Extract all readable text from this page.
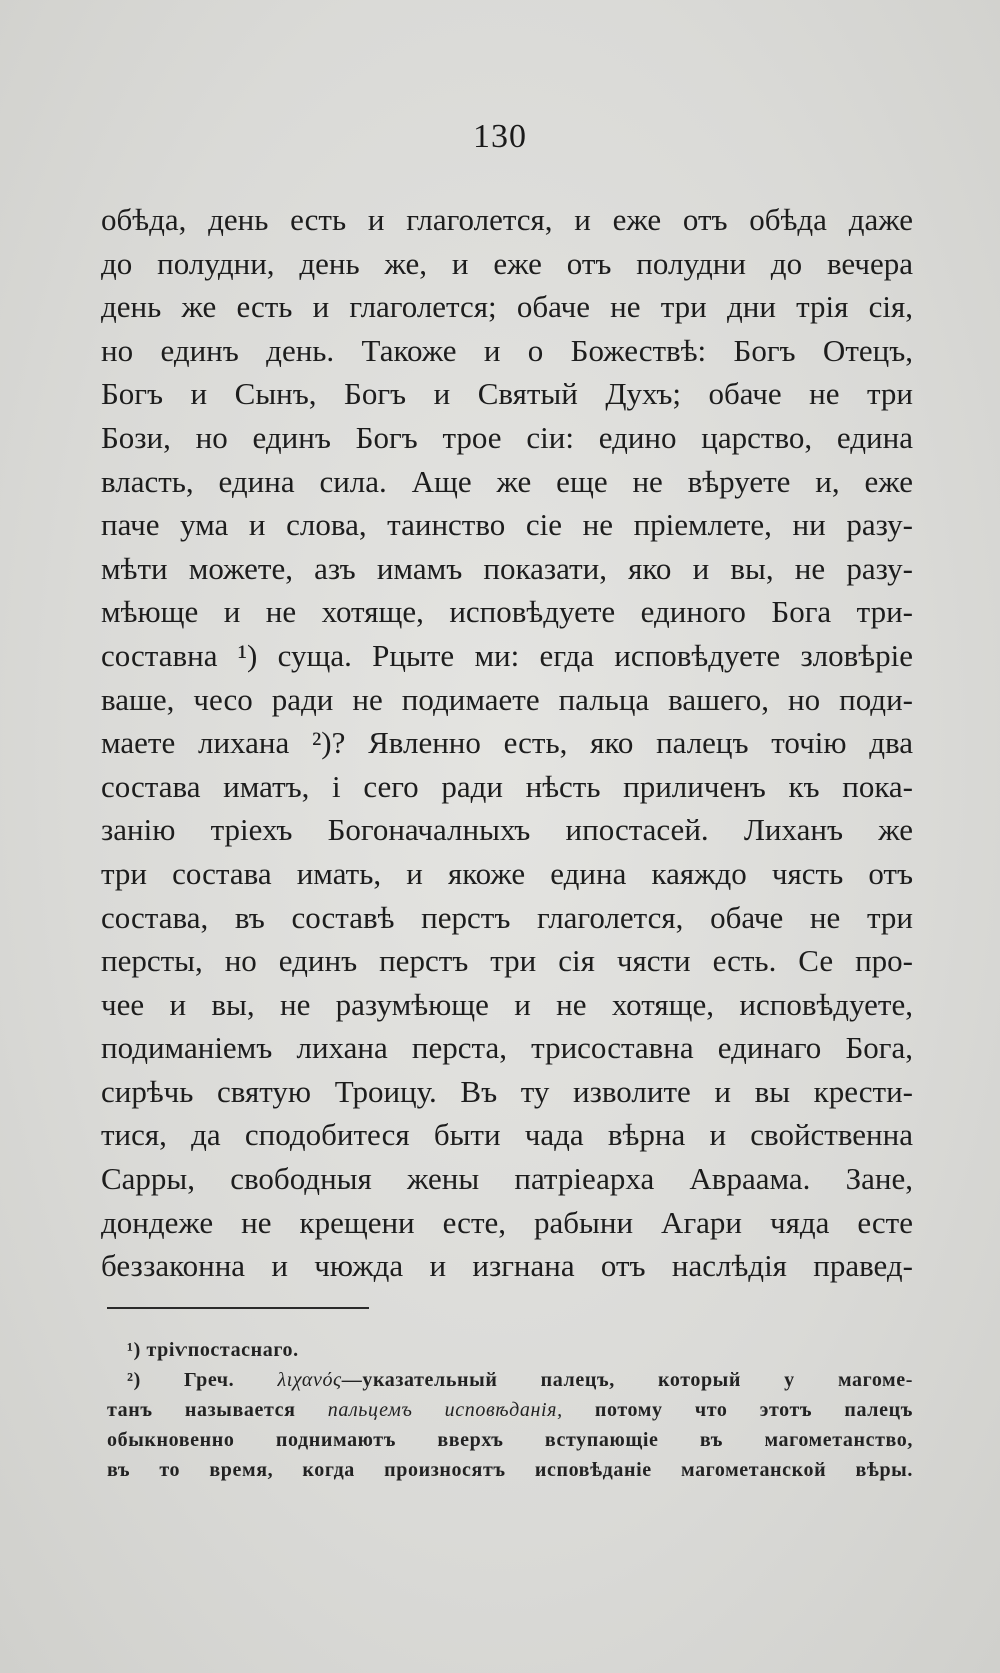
130
обѣда, день есть и глаголется, и еже отъ обѣда даже
до полудни, день же, и еже отъ полудни до вечера
день же есть и глаголется; обаче не три дни трія сія,
но единъ день. Такоже и о Божествѣ: Богъ Отецъ,
Богъ и Сынъ, Богъ и Святый Духъ; обаче не три
Бози, но единъ Богъ трое сіи: едино царство, едина
власть, едина сила. Аще же еще не вѣруете и, еже
паче ума и слова, таинство сіе не пріемлете, ни разу-
мѣти можете, азъ имамъ показати, яко и вы, не разу-
мѣюще и не хотяще, исповѣдуете единого Бога три-
составна ¹) суща. Рцыте ми: егда исповѣдуете зловѣріе
ваше, чесо ради не подимаете пальца вашего, но поди-
маете лихана ²)? Явленно есть, яко палецъ точію два
состава иматъ, і сего ради нѣсть приличенъ къ пока-
занію тріехъ Богоначалныхъ ипостасей. Лиханъ же
три состава имать, и якоже едина каяждо чясть отъ
состава, въ составѣ перстъ глаголется, обаче не три
персты, но единъ перстъ три сія чясти есть. Се про-
чее и вы, не разумѣюще и не хотяще, исповѣдуете,
подиманіемъ лихана перста, трисоставна единаго Бога,
сирѣчь святую Троицу. Въ ту изволите и вы крести-
тися, да сподобитеся быти чада вѣрна и свойственна
Сарры, свободныя жены патріеарха Авраама. Зане,
дондеже не крещени есте, рабыни Агари чяда есте
беззаконна и чюжда и изгнана отъ наслѣдія правед-
¹) тріѵпостаснаго.
²) Греч. λιχανός—указательный палецъ, который у магоме-
танъ называется пальцемъ исповѣданія, потому что этотъ палецъ
обыкновенно поднимаютъ вверхъ вступающіе въ магометанство,
въ то время, когда произносятъ исповѣданіе магометанской вѣры.
